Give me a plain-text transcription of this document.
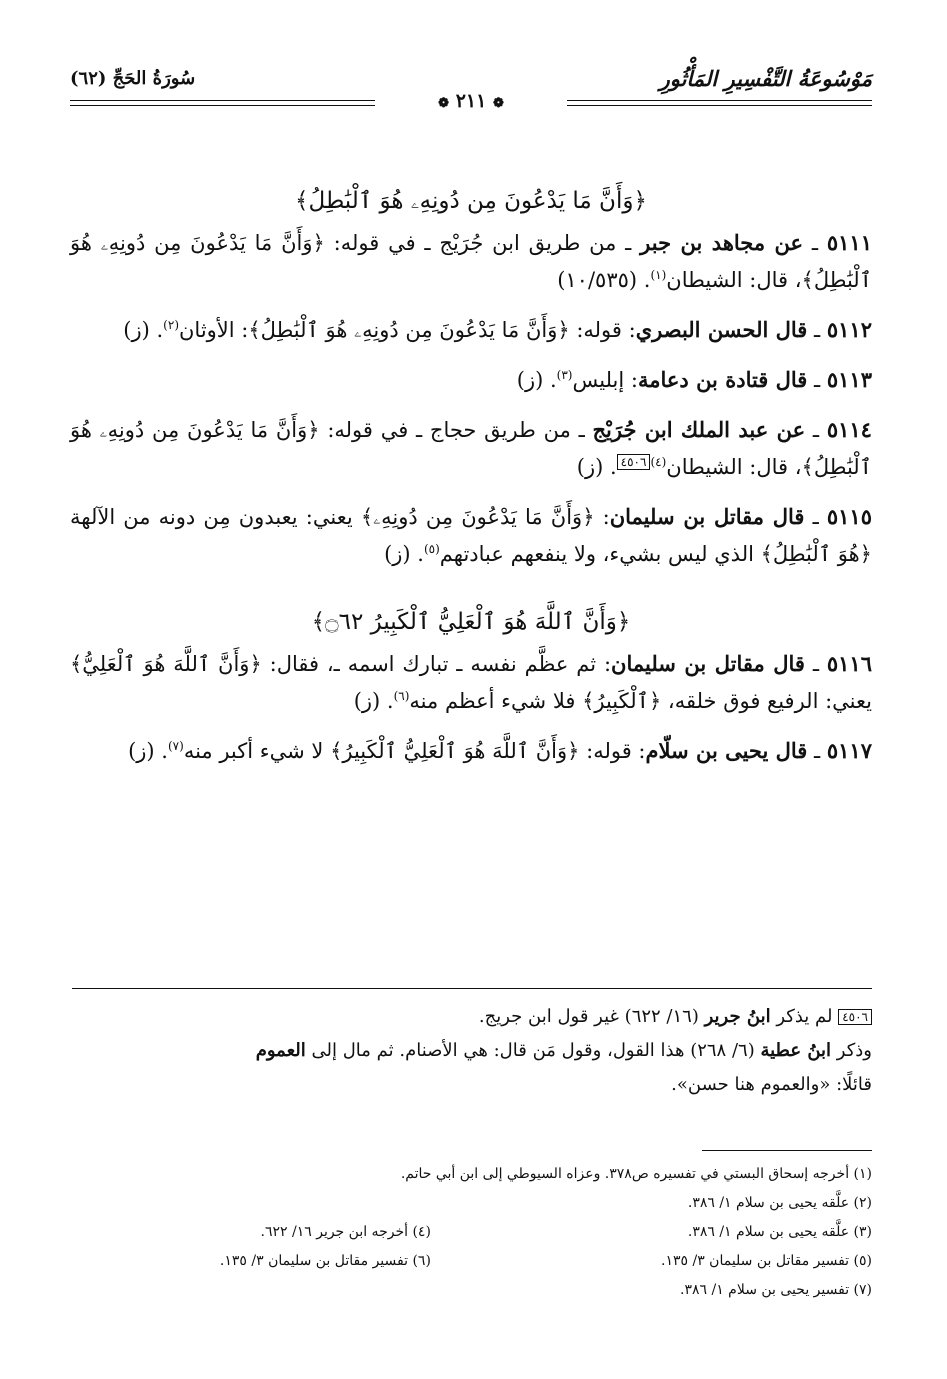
مَوْسُوعَةُ التَّفْسِيرِ المَأْثُورِ
سُورَةُ الحَجِّ (٦٢)
❁ ٢١١ ❁

﴿وَأَنَّ مَا يَدْعُونَ مِن دُونِهِۦ هُوَ ٱلْبَٰطِلُ﴾

٥١١١ ـ عن مجاهد بن جبر ـ من طريق ابن جُرَيْج ـ في قوله: ﴿وَأَنَّ مَا يَدْعُونَ مِن دُونِهِۦ هُوَ ٱلْبَٰطِلُ﴾، قال: الشيطان$^{(١)}$. (١٠/٥٣٥)

٥١١٢ ـ قال الحسن البصري: قوله: ﴿وَأَنَّ مَا يَدْعُونَ مِن دُونِهِۦ هُوَ ٱلْبَٰطِلُ﴾: الأوثان$^{(٢)}$. (ز)

٥١١٣ ـ قال قتادة بن دعامة: إبليس$^{(٣)}$. (ز)

٥١١٤ ـ عن عبد الملك ابن جُرَيْج ـ من طريق حجاج ـ في قوله: ﴿وَأَنَّ مَا يَدْعُونَ مِن دُونِهِۦ هُوَ ٱلْبَٰطِلُ﴾، قال: الشيطان$^{(٤)}$٤٥٠٦. (ز)

٥١١٥ ـ قال مقاتل بن سليمان: ﴿وَأَنَّ مَا يَدْعُونَ مِن دُونِهِۦ﴾ يعني: يعبدون مِن دونه من الآلهة ﴿هُوَ ٱلْبَٰطِلُ﴾ الذي ليس بشيء، ولا ينفعهم عبادتهم$^{(٥)}$. (ز)

﴿وَأَنَّ ٱللَّهَ هُوَ ٱلْعَلِيُّ ٱلْكَبِيرُ ۝٦٢﴾

٥١١٦ ـ قال مقاتل بن سليمان: ثم عظَّم نفسه ـ تبارك اسمه ـ، فقال: ﴿وَأَنَّ ٱللَّهَ هُوَ ٱلْعَلِيُّ﴾ يعني: الرفيع فوق خلقه، ﴿ٱلْكَبِيرُ﴾ فلا شيء أعظم منه$^{(٦)}$. (ز)

٥١١٧ ـ قال يحيى بن سلّام: قوله: ﴿وَأَنَّ ٱللَّهَ هُوَ ٱلْعَلِيُّ ٱلْكَبِيرُ﴾ لا شيء أكبر منه$^{(٧)}$. (ز)

٤٥٠٦ لم يذكر ابنُ جرير (١٦/ ٦٢٢) غير قول ابن جريج.
وذكر ابنُ عطية (٦/ ٢٦٨) هذا القول، وقول مَن قال: هي الأصنام. ثم مال إلى العموم
قائلًا: «والعموم هنا حسن».
(١) أخرجه إسحاق البستي في تفسيره ص٣٧٨. وعزاه السيوطي إلى ابن أبي حاتم.
(٢) علَّقه يحيى بن سلام ١/ ٣٨٦.
(٣) علَّقه يحيى بن سلام ١/ ٣٨٦.
(٥) تفسير مقاتل بن سليمان ٣/ ١٣٥.
(٧) تفسير يحيى بن سلام ١/ ٣٨٦.
(٤) أخرجه ابن جرير ١٦/ ٦٢٢.
(٦) تفسير مقاتل بن سليمان ٣/ ١٣٥.
